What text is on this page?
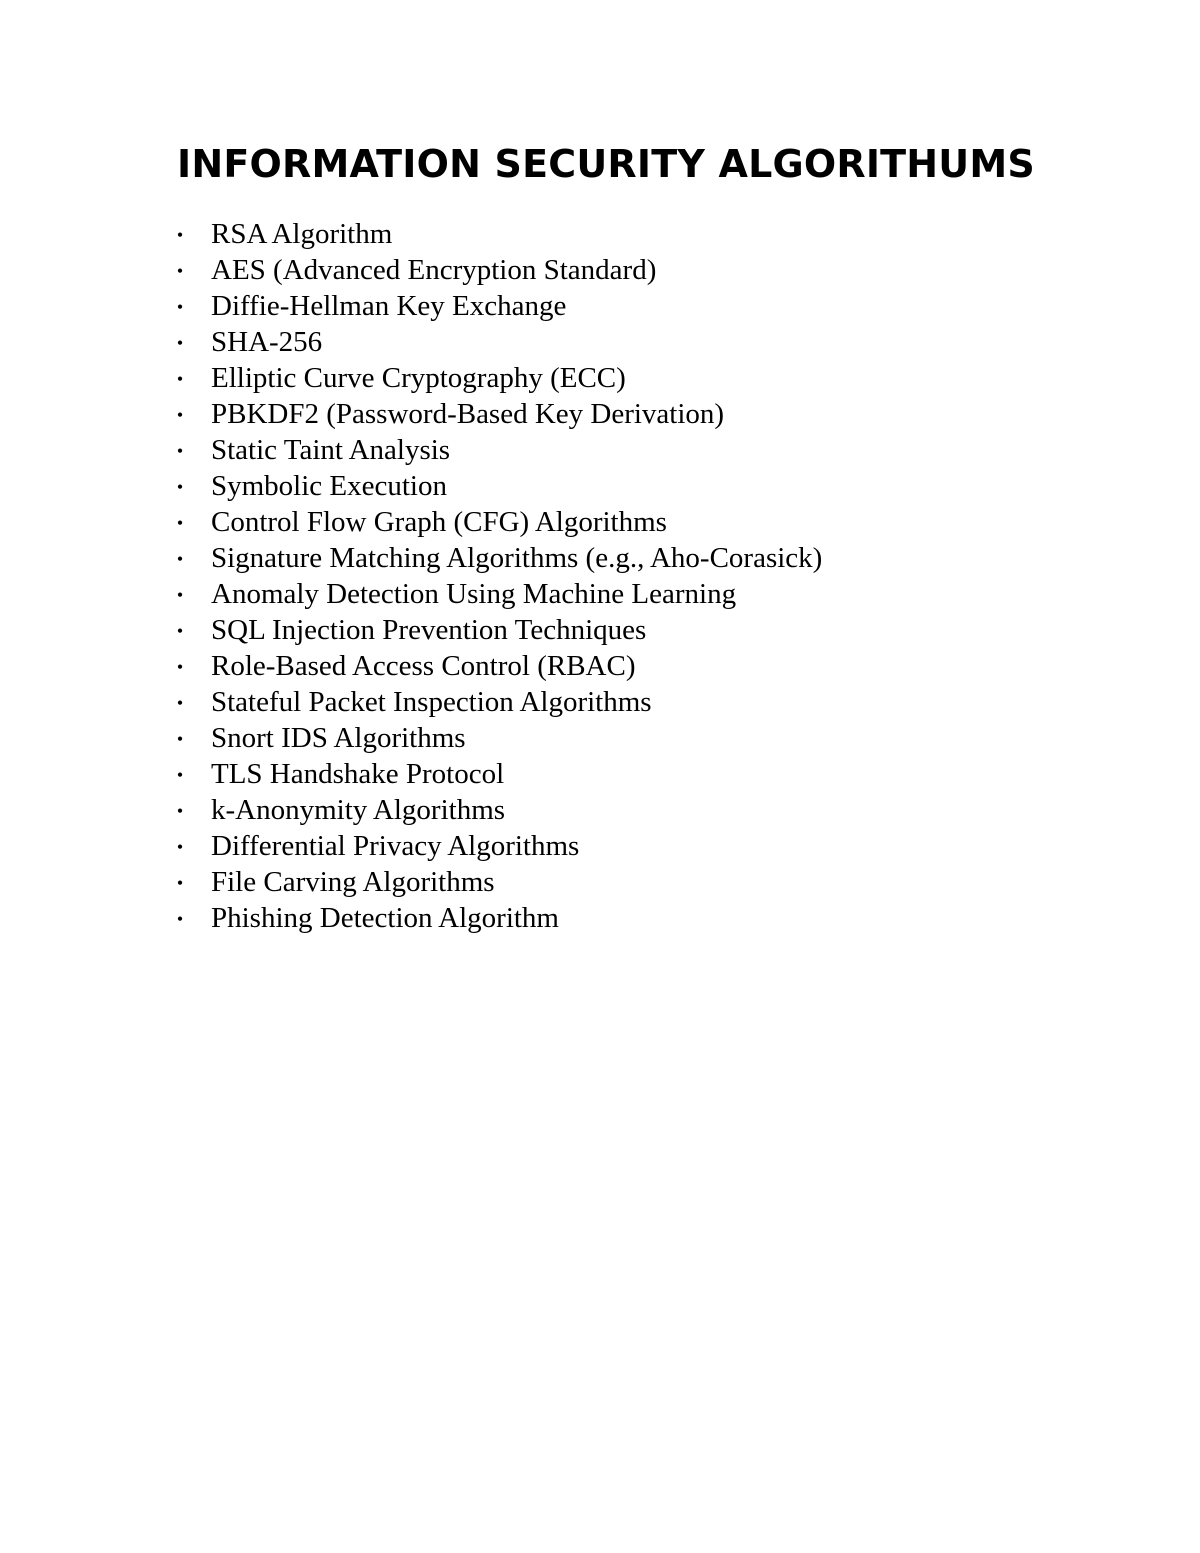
INFORMATION SECURITY ALGORITHUMS
• RSA Algorithm
• AES (Advanced Encryption Standard)
• Diffie-Hellman Key Exchange
• SHA-256
• Elliptic Curve Cryptography (ECC)
• PBKDF2 (Password-Based Key Derivation)
• Static Taint Analysis
• Symbolic Execution
• Control Flow Graph (CFG) Algorithms
• Signature Matching Algorithms (e.g., Aho-Corasick)
• Anomaly Detection Using Machine Learning
• SQL Injection Prevention Techniques
• Role-Based Access Control (RBAC)
• Stateful Packet Inspection Algorithms
• Snort IDS Algorithms
• TLS Handshake Protocol
• k-Anonymity Algorithms
• Differential Privacy Algorithms
• File Carving Algorithms
• Phishing Detection Algorithm
